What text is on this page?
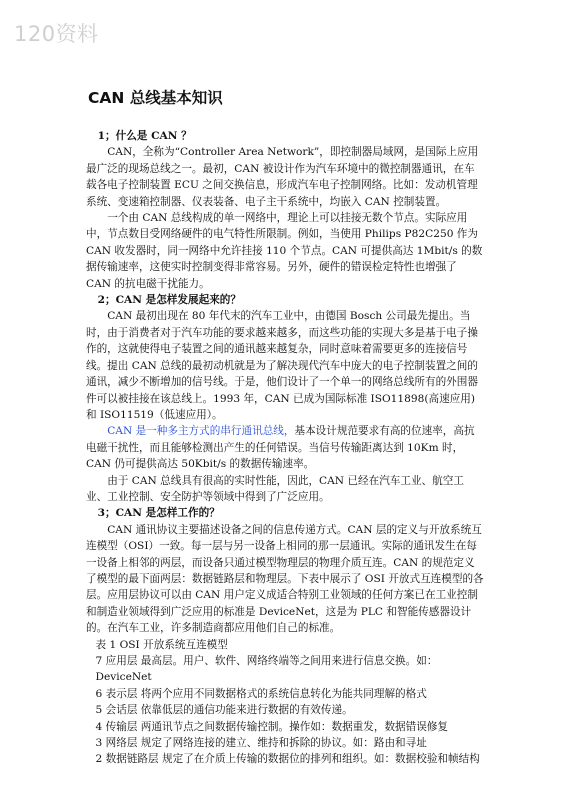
120资料
CAN 总线基本知识

1；什么是 CAN ？

CAN，全称为“Controller Area Network”，即控制器局域网，是国际上应用最广泛的现场总线之一。最初，CAN 被设计作为汽车环境中的微控制器通讯，在车载各电子控制装置 ECU 之间交换信息，形成汽车电子控制网络。比如：发动机管理系统、变速箱控制器、仪表装备、电子主干系统中，均嵌入 CAN 控制装置。

一个由 CAN 总线构成的单一网络中，理论上可以挂接无数个节点。实际应用中，节点数目受网络硬件的电气特性所限制。例如，当使用 Philips P82C250 作为 CAN 收发器时，同一网络中允许挂接 110 个节点。CAN 可提供高达 1Mbit/s 的数据传输速率，这使实时控制变得非常容易。另外，硬件的错误检定特性也增强了 CAN 的抗电磁干扰能力。

2；CAN 是怎样发展起来的？

CAN 最初出现在 80 年代末的汽车工业中，由德国 Bosch 公司最先提出。当时，由于消费者对于汽车功能的要求越来越多，而这些功能的实现大多是基于电子操作的，这就使得电子装置之间的通讯越来越复杂，同时意味着需要更多的连接信号线。提出 CAN 总线的最初动机就是为了解决现代汽车中庞大的电子控制装置之间的通讯，减少不断增加的信号线。于是，他们设计了一个单一的网络总线所有的外围器件可以被挂接在该总线上。1993 年，CAN 已成为国际标准 ISO11898(高速应用)和 ISO11519（低速应用）。

CAN 是一种多主方式的串行通讯总线，基本设计规范要求有高的位速率，高抗电磁干扰性，而且能够检测出产生的任何错误。当信号传输距离达到 10Km 时，CAN 仍可提供高达 50Kbit/s 的数据传输速率。

由于 CAN 总线具有很高的实时性能，因此，CAN 已经在汽车工业、航空工业、工业控制、安全防护等领域中得到了广泛应用。

3；CAN 是怎样工作的？

CAN 通讯协议主要描述设备之间的信息传递方式。CAN 层的定义与开放系统互连模型（OSI）一致。每一层与另一设备上相同的那一层通讯。实际的通讯发生在每一设备上相邻的两层，而设备只通过模型物理层的物理介质互连。CAN 的规范定义了模型的最下面两层：数据链路层和物理层。下表中展示了 OSI 开放式互连模型的各层。应用层协议可以由 CAN 用户定义成适合特别工业领域的任何方案已在工业控制和制造业领域得到广泛应用的标准是 DeviceNet，这是为 PLC 和智能传感器设计的。在汽车工业，许多制造商都应用他们自己的标准。

表 1 OSI 开放系统互连模型

7 应用层 最高层。用户、软件、网络终端等之间用来进行信息交换。如：DeviceNet

6 表示层 将两个应用不同数据格式的系统信息转化为能共同理解的格式

5 会话层 依靠低层的通信功能来进行数据的有效传递。

4 传输层 两通讯节点之间数据传输控制。操作如：数据重发，数据错误修复

3 网络层 规定了网络连接的建立、维持和拆除的协议。如：路由和寻址

2 数据链路层 规定了在介质上传输的数据位的排列和组织。如：数据校验和帧结构
